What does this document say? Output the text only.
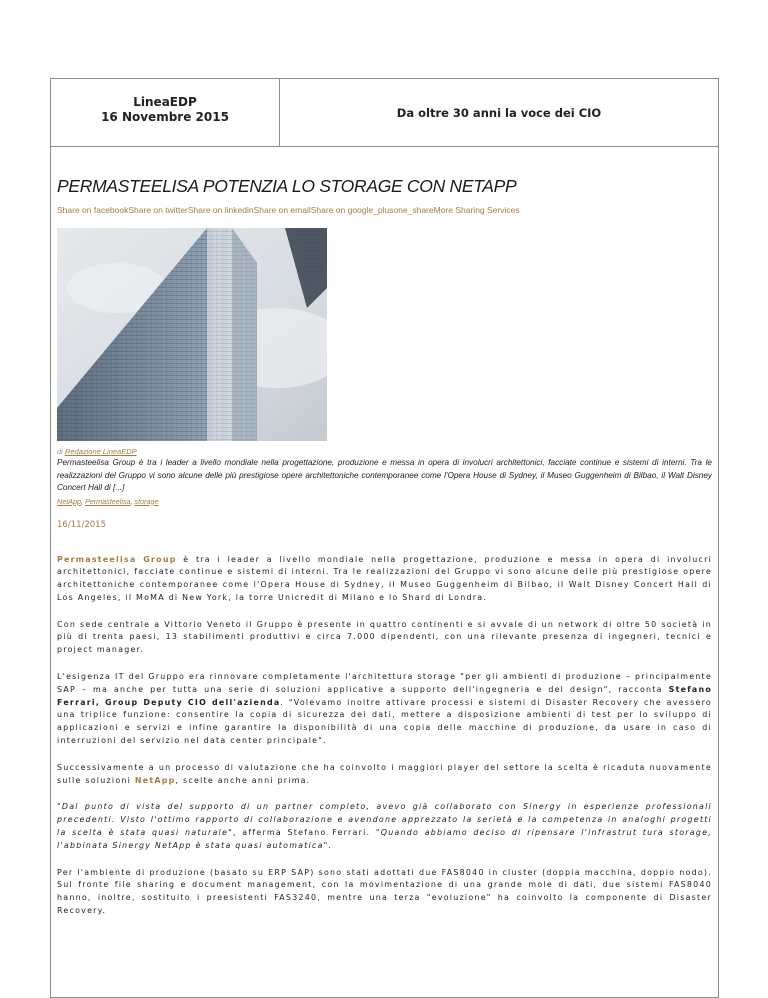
LineaEDP
16 Novembre 2015	Da oltre 30 anni la voce dei CIO
PERMASTEELISA POTENZIA LO STORAGE CON NETAPP
Share on facebookShare on twitterShare on linkedinShare on emailShare on google_plusone_shareMore Sharing Services
di Redazione LineaEDP
Permasteelisa Group è tra i leader a livello mondiale nella progettazione, produzione e messa in opera di involucri architettonici, facciate continue e sistemi di interni. Tra le realizzazioni del Gruppo vi sono alcune delle più prestigiose opere architettoniche contemporanee come l'Opera House di Sydney, il Museo Guggenheim di Bilbao, il Walt Disney Concert Hall di [...]
NetApp, Permasteelisa, storage
16/11/2015
Permasteelisa Group è tra i leader a livello mondiale nella progettazione, produzione e messa in opera di involucri architettonici, facciate continue e sistemi di interni. Tra le realizzazioni del Gruppo vi sono alcune delle più prestigiose opere architettoniche contemporanee come l'Opera House di Sydney, il Museo Guggenheim di Bilbao, il Walt Disney Concert Hall di Los Angeles, il MoMA di New York, la torre Unicredit di Milano e lo Shard di Londra.
Con sede centrale a Vittorio Veneto il Gruppo è presente in quattro continenti e si avvale di un network di oltre 50 società in più di trenta paesi, 13 stabilimenti produttivi e circa 7.000 dipendenti, con una rilevante presenza di ingegneri, tecnici e project manager.
L'esigenza IT del Gruppo era rinnovare completamente l'architettura storage "per gli ambienti di produzione – principalmente SAP – ma anche per tutta una serie di soluzioni applicative a supporto dell'ingegneria e del design", racconta Stefano Ferrari, Group Deputy CIO dell'azienda. "Volevamo inoltre attivare processi e sistemi di Disaster Recovery che avessero una triplice funzione: consentire la copia di sicurezza dei dati, mettere a disposizione ambienti di test per lo sviluppo di applicazioni e servizi e infine garantire la disponibilità di una copia delle macchine di produzione, da usare in caso di interruzioni del servizio nel data center principale".
Successivamente a un processo di valutazione che ha coinvolto i maggiori player del settore la scelta è ricaduta nuovamente sulle soluzioni NetApp, scelte anche anni prima.
"Dal punto di vista del supporto di un partner completo, avevo già collaborato con Sinergy in esperienze professionali precedenti. Visto l'ottimo rapporto di collaborazione e avendone apprezzato la serietà e la competenza in analoghi progetti la scelta è stata quasi naturale", afferma Stefano Ferrari. "Quando abbiamo deciso di ripensare l'infrastrut tura storage, l'abbinata Sinergy NetApp è stata quasi automatica".
Per l'ambiente di produzione (basato su ERP SAP) sono stati adottati due FAS8040 in cluster (doppia macchina, doppio nodo). Sul fronte file sharing e document management, con la movimentazione di una grande mole di dati, due sistemi FAS8040 hanno, inoltre, sostituito i preesistenti FAS3240, mentre una terza "evoluzione" ha coinvolto la componente di Disaster Recovery.
